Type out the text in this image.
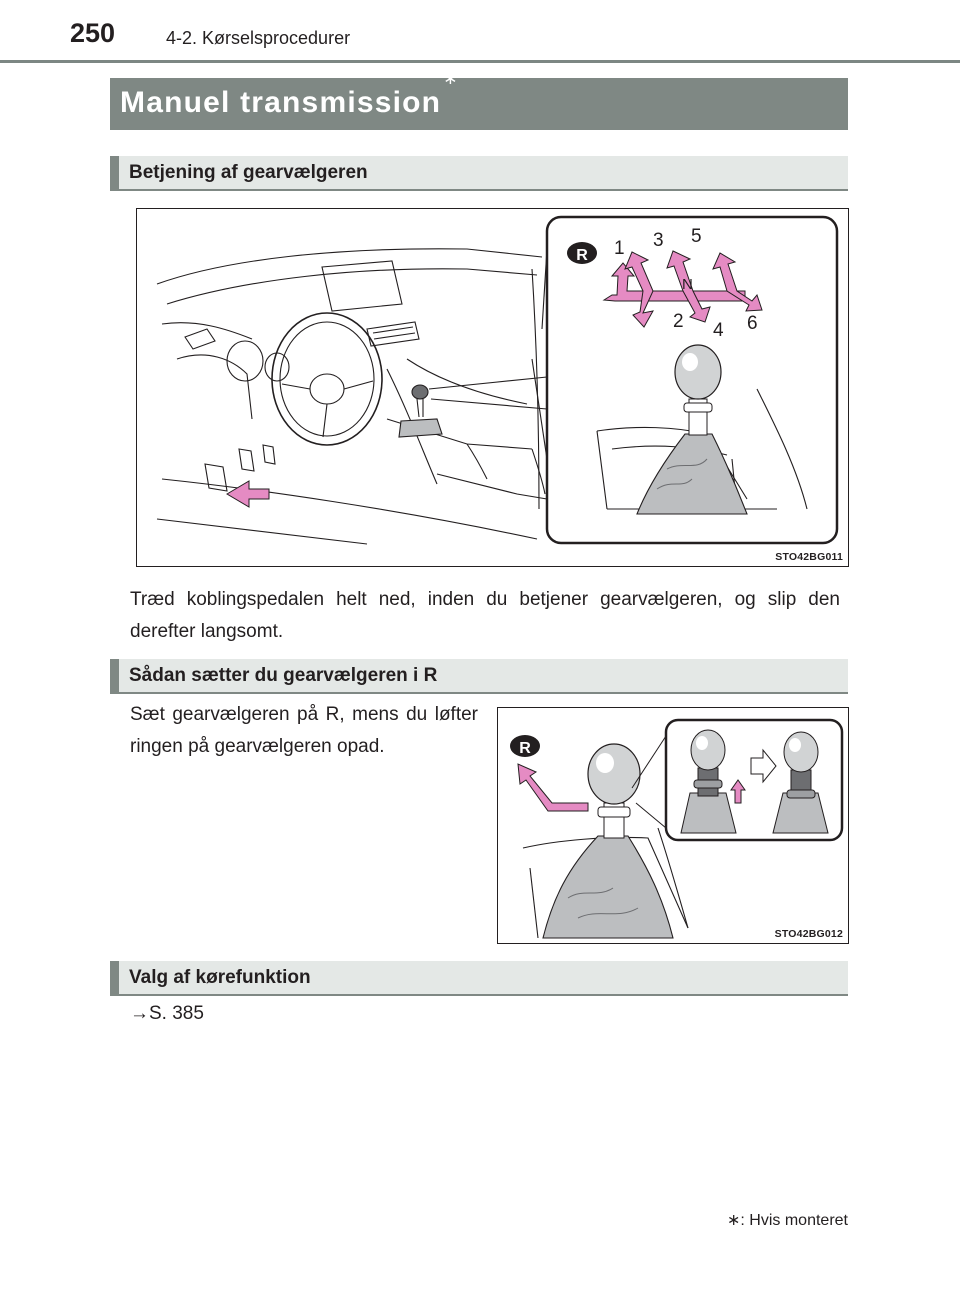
250	4-2. Kørselsprocedurer
Manuel transmission∗
Betjening af gearvælgeren
R 1
2
3
4
5
6
N
STO42BG011
Træd koblingspedalen helt ned, inden du betjener gearvælgeren, og slip den derefter langsomt.
Sådan sætter du gearvælgeren i R
Sæt gearvælgeren på R, mens du løfter ringen på gearvælgeren opad.	R
STO42BG012
Valg af kørefunktion
→S. 385
∗: Hvis monteret
